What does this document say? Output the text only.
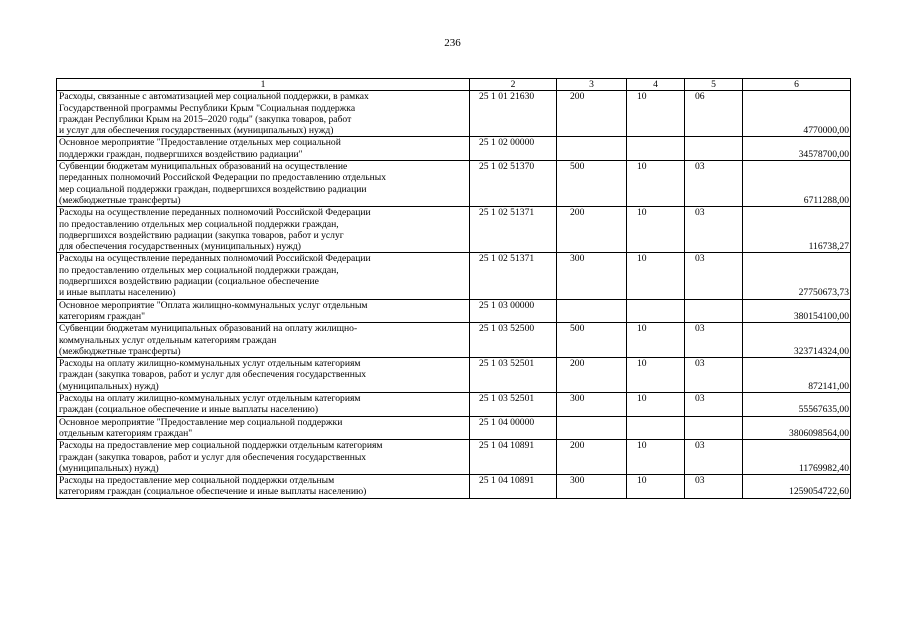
236
1	2	3	4	5	6

Расходы, связанные с автоматизацией мер социальной поддержки, в рамках
Государственной программы Республики Крым "Социальная поддержка
граждан Республики Крым на 2015–2020 годы" (закупка товаров, работ
и услуг для обеспечения государственных (муниципальных) нужд)	25 1 01 21630	200	10	06	4770000,00

Основное мероприятие "Предоставление отдельных мер социальной
поддержки граждан, подвергшихся воздействию радиации"	25 1 02 00000				34578700,00

Субвенции бюджетам муниципальных образований на осуществление
переданных полномочий Российской Федерации по предоставлению отдельных
мер социальной поддержки граждан, подвергшихся воздействию радиации
(межбюджетные трансферты)	25 1 02 51370	500	10	03	6711288,00

Расходы на осуществление переданных полномочий Российской Федерации
по предоставлению отдельных мер социальной поддержки граждан,
подвергшихся воздействию радиации (закупка товаров, работ и услуг
для обеспечения государственных (муниципальных) нужд)	25 1 02 51371	200	10	03	116738,27

Расходы на осуществление переданных полномочий Российской Федерации
по предоставлению отдельных мер социальной поддержки граждан,
подвергшихся воздействию радиации (социальное обеспечение
и иные выплаты населению)	25 1 02 51371	300	10	03	27750673,73

Основное мероприятие "Оплата жилищно-коммунальных услуг отдельным
категориям граждан"	25 1 03 00000				380154100,00

Субвенции бюджетам муниципальных образований на оплату жилищно-
коммунальных услуг отдельным категориям граждан
(межбюджетные трансферты)	25 1 03 52500	500	10	03	323714324,00

Расходы на оплату жилищно-коммунальных услуг отдельным категориям
граждан (закупка товаров, работ и услуг для обеспечения государственных
(муниципальных) нужд)	25 1 03 52501	200	10	03	872141,00

Расходы на оплату жилищно-коммунальных услуг отдельным категориям
граждан (социальное обеспечение и иные выплаты населению)	25 1 03 52501	300	10	03	55567635,00

Основное мероприятие "Предоставление мер социальной поддержки
отдельным категориям граждан"	25 1 04 00000				3806098564,00

Расходы на предоставление мер социальной поддержки отдельным категориям
граждан (закупка товаров, работ и услуг для обеспечения государственных
(муниципальных) нужд)	25 1 04 10891	200	10	03	11769982,40

Расходы на предоставление мер социальной поддержки отдельным
категориям граждан (социальное обеспечение и иные выплаты населению)	25 1 04 10891	300	10	03	1259054722,60
